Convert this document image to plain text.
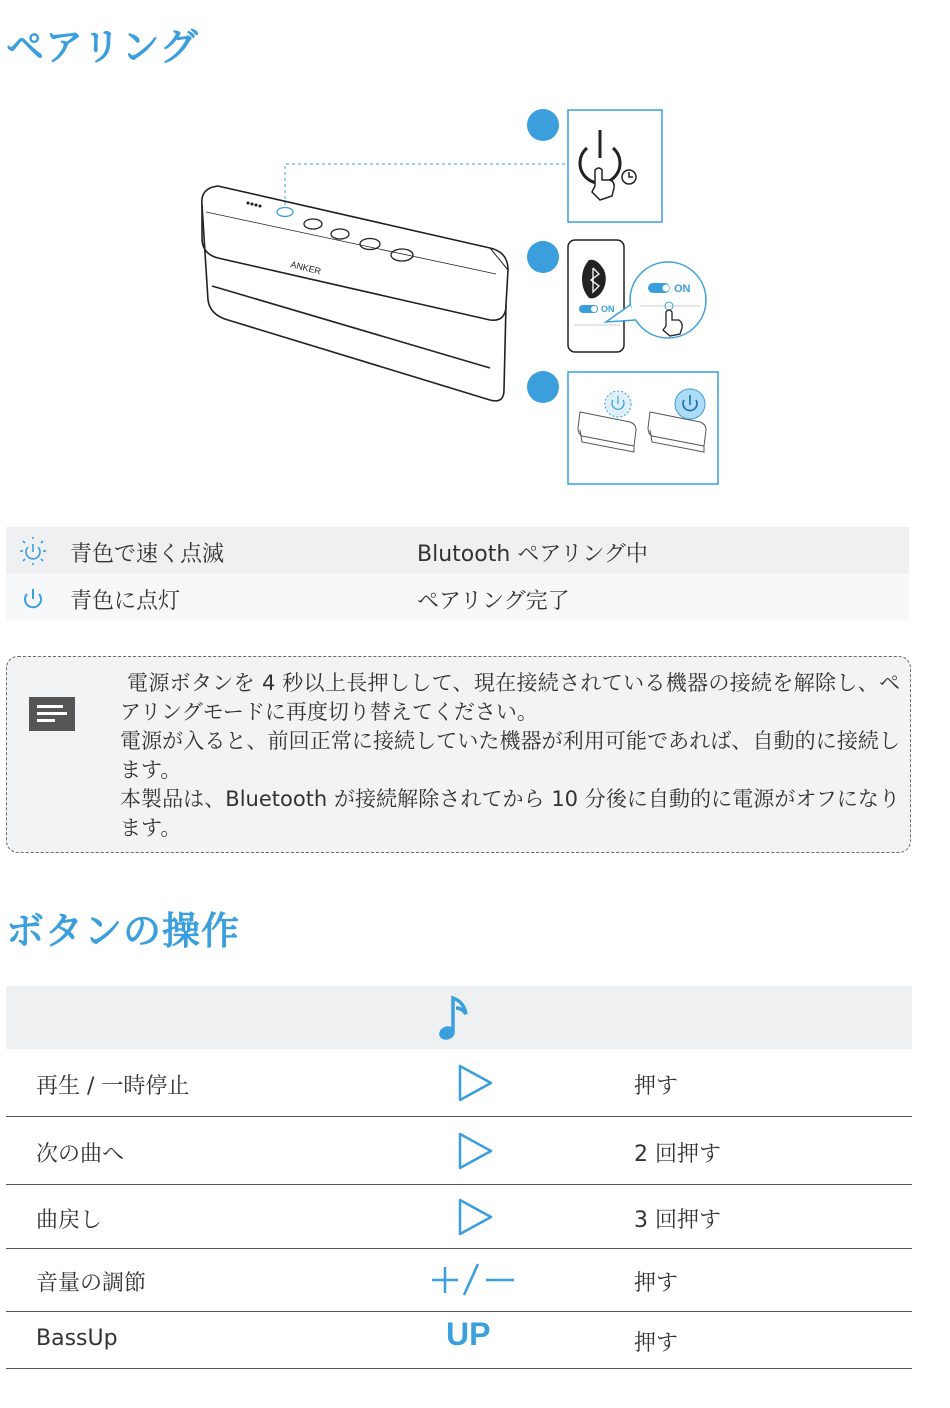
ペアリング
ANKER
ON
ON
青色で速く点滅	Blutooth ペアリング中
青色に点灯	ペアリング完了
電源ボタンを 4 秒以上長押しして、現在接続されている機器の接続を解除し、ペアリングモードに再度切り替えてください。
電源が入ると、前回正常に接続していた機器が利用可能であれば、自動的に接続します。
本製品は、Bluetooth が接続解除されてから 10 分後に自動的に電源がオフになります。
ボタンの操作
再生 / 一時停止	押す
次の曲へ	2 回押す
曲戻し	3 回押す
音量の調節	押す
BassUp	UP	押す
